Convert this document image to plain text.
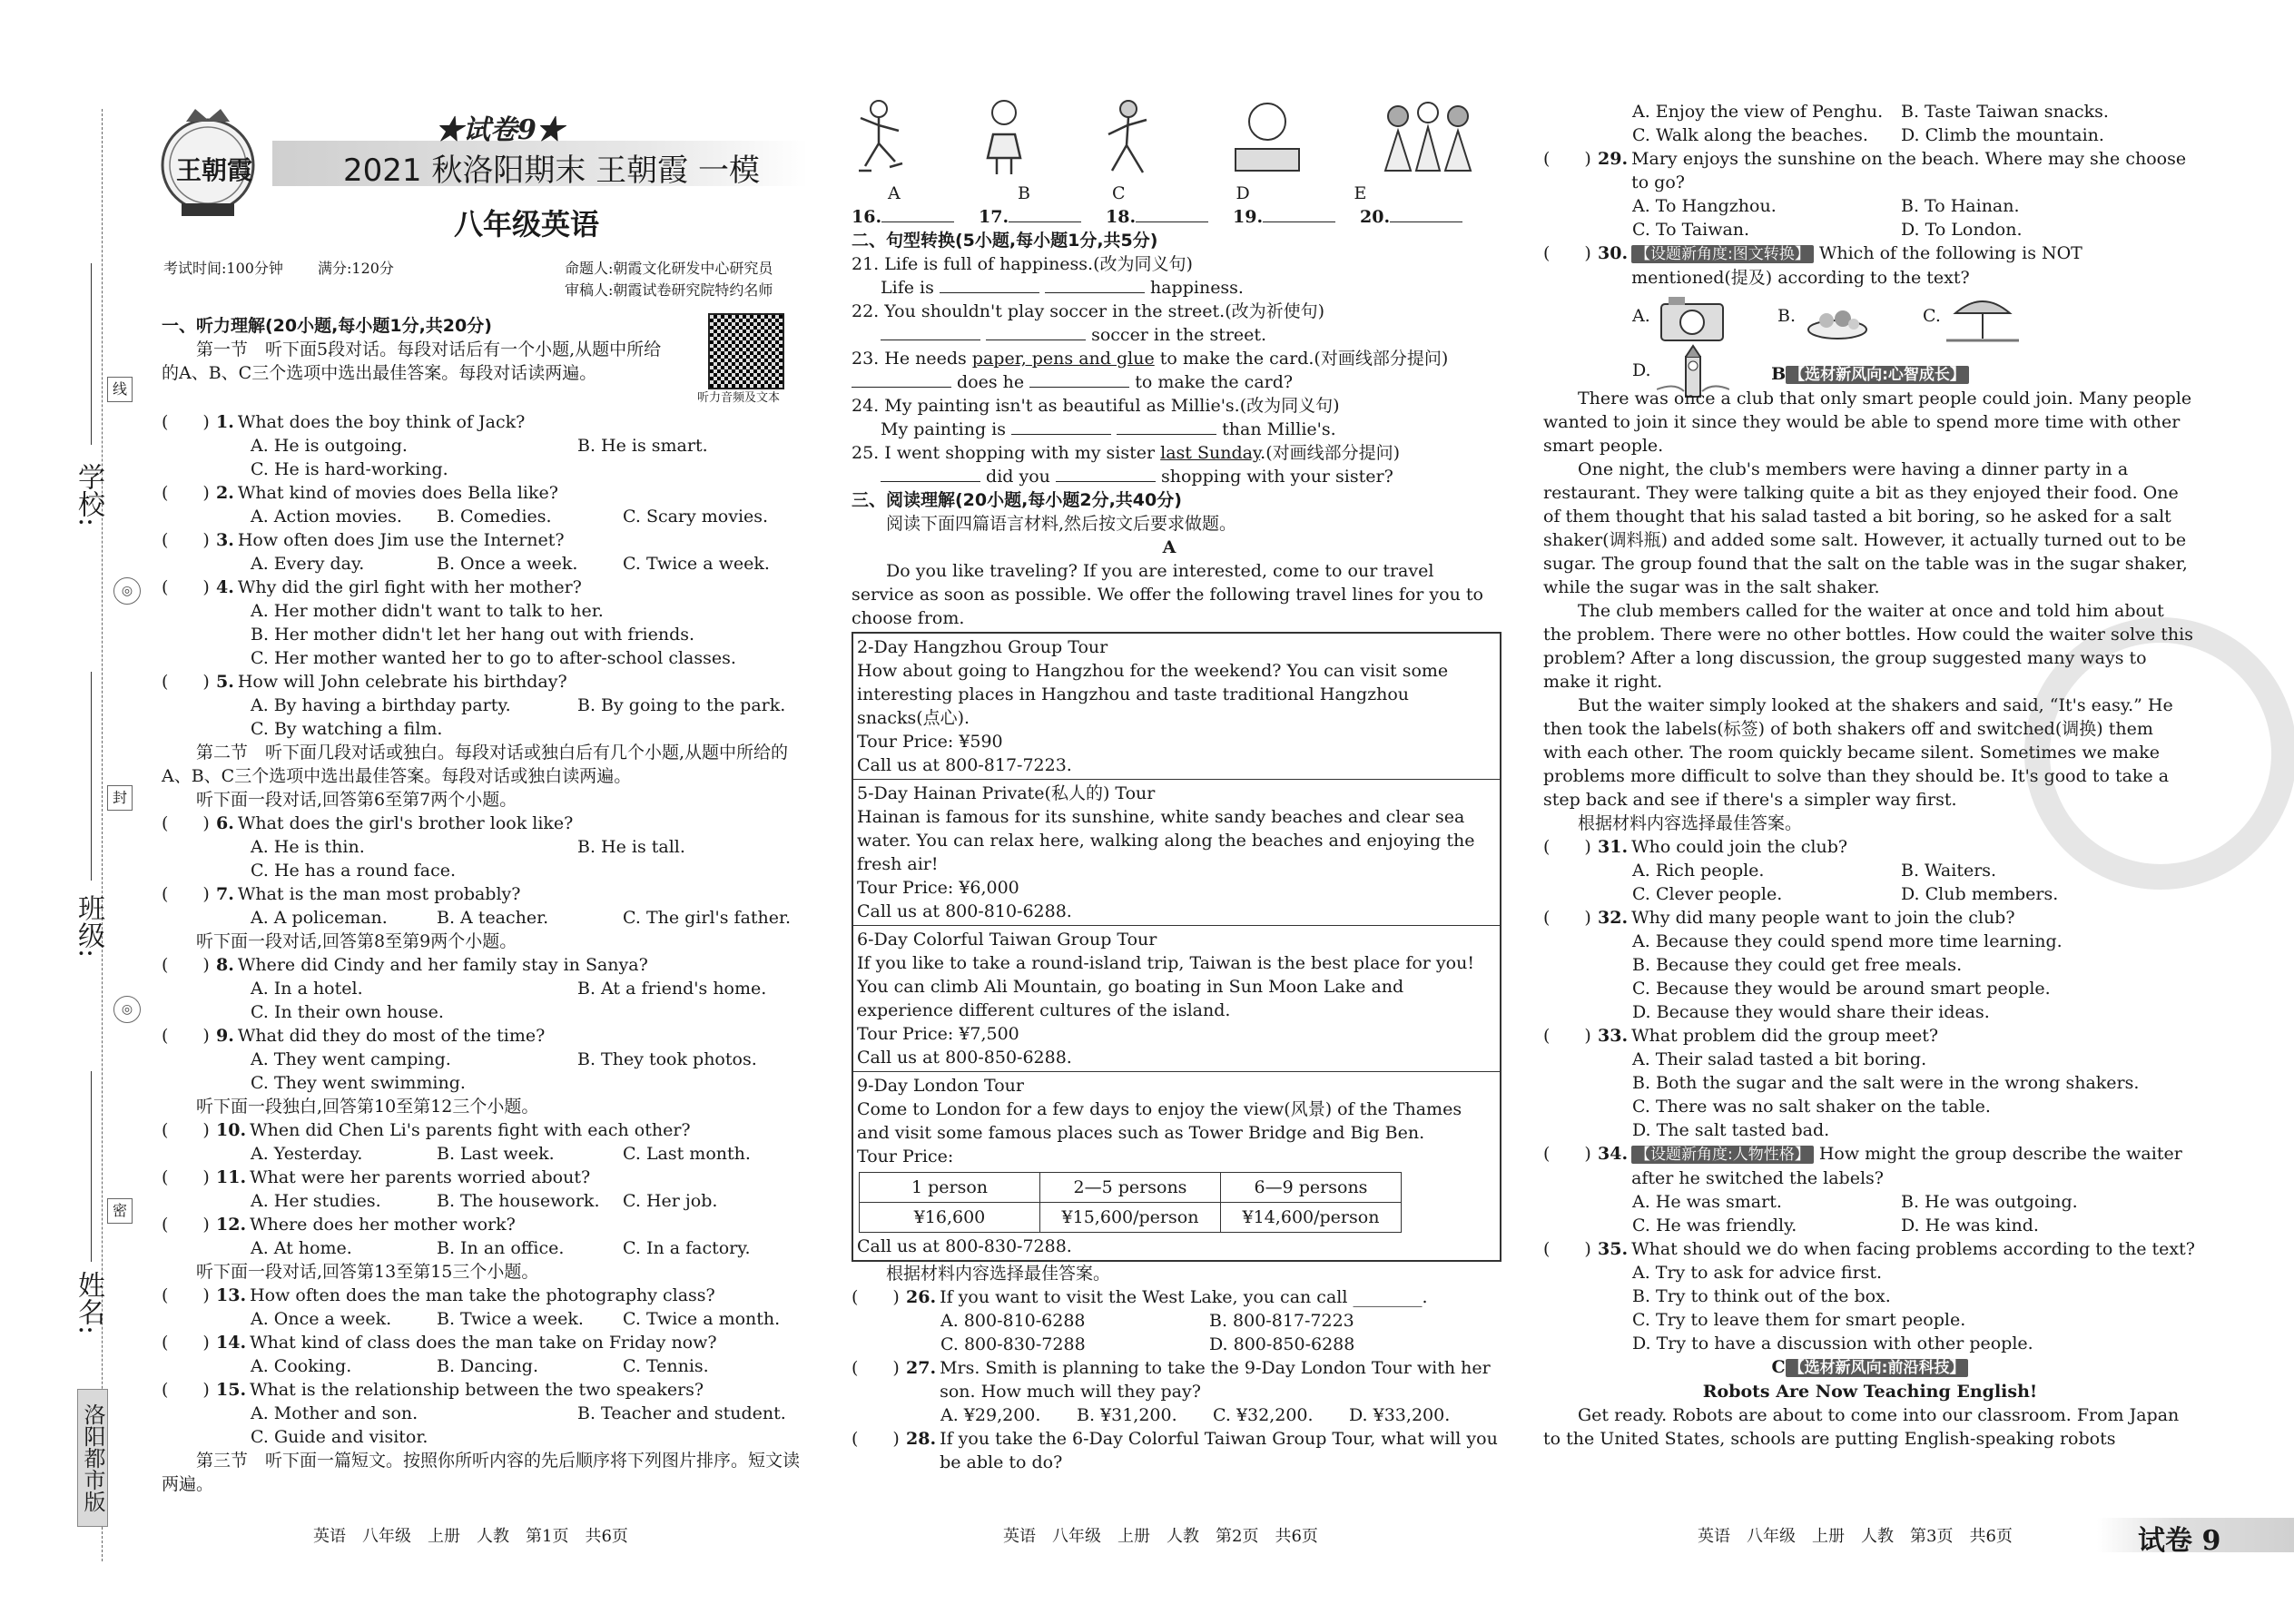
学校:
班级:
姓名:
线
封
密
◎
◎
洛阳都市版
王朝霞
★试卷9★
2021 秋洛阳期末 王朝霞 一模
八年级英语
考试时间:100分钟 满分:120分	命题人:朝霞文化研发中心研究员
审稿人:朝霞试卷研究院特约名师
听力音频及文本

一、听力理解(20小题,每小题1分,共20分)

第一节　听下面5段对话。每段对话后有一个小题,从题中所给的A、B、C三个选项中选出最佳答案。每段对话读两遍。

(　　) 1. What does the boy think of Jack?
A. He is outgoing.	B. He is smart.
C. He is hard-working.
(　　) 2. What kind of movies does Bella like?
A. Action movies.	B. Comedies.	C. Scary movies.
(　　) 3. How often does Jim use the Internet?
A. Every day.	B. Once a week.	C. Twice a week.
(　　) 4. Why did the girl fight with her mother?
A. Her mother didn't want to talk to her.
B. Her mother didn't let her hang out with friends.
C. Her mother wanted her to go to after-school classes.
(　　) 5. How will John celebrate his birthday?
A. By having a birthday party.	B. By going to the park.
C. By watching a film.

第二节　听下面几段对话或独白。每段对话或独白后有几个小题,从题中所给的A、B、C三个选项中选出最佳答案。每段对话或独白读两遍。

听下面一段对话,回答第6至第7两个小题。

(　　) 6. What does the girl's brother look like?
A. He is thin.	B. He is tall.
C. He has a round face.
(　　) 7. What is the man most probably?
A. A policeman.	B. A teacher.	C. The girl's father.

听下面一段对话,回答第8至第9两个小题。

(　　) 8. Where did Cindy and her family stay in Sanya?
A. In a hotel.	B. At a friend's home.
C. In their own house.
(　　) 9. What did they do most of the time?
A. They went camping.	B. They took photos.
C. They went swimming.

听下面一段独白,回答第10至第12三个小题。

(　　) 10. When did Chen Li's parents fight with each other?
A. Yesterday.	B. Last week.	C. Last month.
(　　) 11. What were her parents worried about?
A. Her studies.	B. The housework.	C. Her job.
(　　) 12. Where does her mother work?
A. At home.	B. In an office.	C. In a factory.

听下面一段对话,回答第13至第15三个小题。

(　　) 13. How often does the man take the photography class?
A. Once a week.	B. Twice a week.	C. Twice a month.
(　　) 14. What kind of class does the man take on Friday now?
A. Cooking.	B. Dancing.	C. Tennis.
(　　) 15. What is the relationship between the two speakers?
A. Mother and son.	B. Teacher and student.
C. Guide and visitor.

第三节　听下面一篇短文。按照你所听内容的先后顺序将下列图片排序。短文读两遍。

英语　八年级　上册　人教　第1页　共6页
A	B	C	D	E
16.	17.	18.	19.	20.

二、句型转换(5小题,每小题1分,共5分)

21. Life is full of happiness.(改为同义句)

Life is	happiness.

22. You shouldn't play soccer in the street.(改为祈使句)

soccer in the street.

23. He needs paper, pens and glue to make the card.(对画线部分提问)

does he	to make the card?

24. My painting isn't as beautiful as Millie's.(改为同义句)

My painting is	than Millie's.

25. I went shopping with my sister last Sunday.(对画线部分提问)

did you	shopping with your sister?

三、阅读理解(20小题,每小题2分,共40分)

阅读下面四篇语言材料,然后按文后要求做题。

A

Do you like traveling? If you are interested, come to our travel service as soon as possible. We offer the following travel lines for you to choose from.

2-Day Hangzhou Group Tour

How about going to Hangzhou for the weekend? You can visit some interesting places in Hangzhou and taste traditional Hangzhou snacks(点心).

Tour Price: ¥590

Call us at 800-817-7223.

5-Day Hainan Private(私人的) Tour

Hainan is famous for its sunshine, white sandy beaches and clear sea water. You can relax here, walking along the beaches and enjoying the fresh air!

Tour Price: ¥6,000

Call us at 800-810-6288.

6-Day Colorful Taiwan Group Tour

If you like to take a round-island trip, Taiwan is the best place for you! You can climb Ali Mountain, go boating in Sun Moon Lake and experience different cultures of the island.

Tour Price: ¥7,500

Call us at 800-850-6288.

9-Day London Tour

Come to London for a few days to enjoy the view(风景) of the Thames and visit some famous places such as Tower Bridge and Big Ben.

Tour Price:

1 person	2—5 persons	6—9 persons
¥16,600	¥15,600/person	¥14,600/person

Call us at 800-830-7288.

根据材料内容选择最佳答案。

(　　) 26. If you want to visit the West Lake, you can call ________.
A. 800-810-6288	B. 800-817-7223
C. 800-830-7288	D. 800-850-6288
(　　) 27. Mrs. Smith is planning to take the 9-Day London Tour with her son. How much will they pay?
A. ¥29,200.	B. ¥31,200.	C. ¥32,200.	D. ¥33,200.
(　　) 28. If you take the 6-Day Colorful Taiwan Group Tour, what will you be able to do?
英语　八年级　上册　人教　第2页　共6页
A. Enjoy the view of Penghu.	B. Taste Taiwan snacks.
C. Walk along the beaches.	D. Climb the mountain.
(　　) 29. Mary enjoys the sunshine on the beach. Where may she choose to go?
A. To Hangzhou.	B. To Hainan.
C. To Taiwan.	D. To London.
(　　) 30. 【设题新角度:图文转换】 Which of the following is NOT mentioned(提及) according to the text?
A.	B.	C.
D.	B 【选材新风向:心智成长】

There was once a club that only smart people could join. Many people wanted to join it since they would be able to spend more time with other smart people.

One night, the club's members were having a dinner party in a restaurant. They were talking quite a bit as they enjoyed their food. One of them thought that his salad tasted a bit boring, so he asked for a salt shaker(调料瓶) and added some salt. However, it actually turned out to be sugar. The group found that the salt on the table was in the sugar shaker, while the sugar was in the salt shaker.

The club members called for the waiter at once and told him about the problem. There were no other bottles. How could the waiter solve this problem? After a long discussion, the group suggested many ways to make it right.

But the waiter simply looked at the shakers and said, “It's easy.” He then took the labels(标签) of both shakers off and switched(调换) them with each other. The room quickly became silent. Sometimes we make problems more difficult to solve than they should be. It's good to take a step back and see if there's a simpler way first.

根据材料内容选择最佳答案。

(　　) 31. Who could join the club?
A. Rich people.	B. Waiters.
C. Clever people.	D. Club members.
(　　) 32. Why did many people want to join the club?
A. Because they could spend more time learning.
B. Because they could get free meals.
C. Because they would be around smart people.
D. Because they would share their ideas.
(　　) 33. What problem did the group meet?
A. Their salad tasted a bit boring.
B. Both the sugar and the salt were in the wrong shakers.
C. There was no salt shaker on the table.
D. The salt tasted bad.
(　　) 34. 【设题新角度:人物性格】 How might the group describe the waiter after he switched the labels?
A. He was smart.	B. He was outgoing.
C. He was friendly.	D. He was kind.
(　　) 35. What should we do when facing problems according to the text?
A. Try to ask for advice first.
B. Try to think out of the box.
C. Try to leave them for smart people.
D. Try to have a discussion with other people.

C 【选材新风向:前沿科技】

Robots Are Now Teaching English!

Get ready. Robots are about to come into our classroom. From Japan to the United States, schools are putting English-speaking robots

英语　八年级　上册　人教　第3页　共6页	试卷 9
